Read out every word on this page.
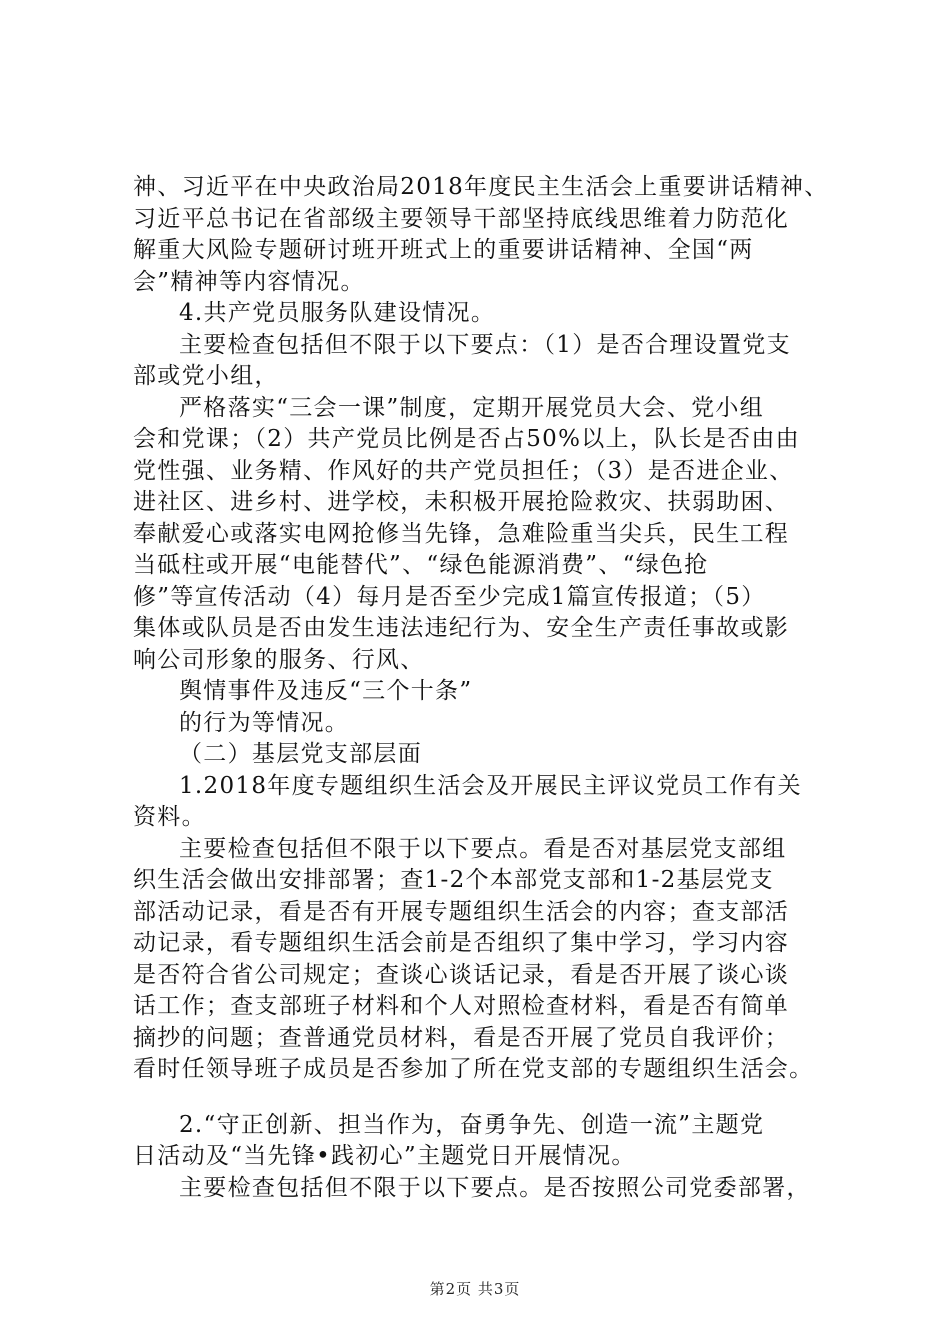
神、习近平在中央政治局2018年度民主生活会上重要讲话精神、
习近平总书记在省部级主要领导干部坚持底线思维着力防范化
解重大风险专题研讨班开班式上的重要讲话精神、全国“两
会”精神等内容情况。
4.共产党员服务队建设情况。
主要检查包括但不限于以下要点：（1）是否合理设置党支
部或党小组，
严格落实“三会一课”制度，定期开展党员大会、党小组
会和党课；（2）共产党员比例是否占50%以上，队长是否由由
党性强、业务精、作风好的共产党员担任；（3）是否进企业、
进社区、进乡村、进学校，未积极开展抢险救灾、扶弱助困、
奉献爱心或落实电网抢修当先锋，急难险重当尖兵，民生工程
当砥柱或开展“电能替代”、“绿色能源消费”、“绿色抢
修”等宣传活动（4）每月是否至少完成1篇宣传报道；（5）
集体或队员是否由发生违法违纪行为、安全生产责任事故或影
响公司形象的服务、行风、
舆情事件及违反“三个十条”
的行为等情况。
（二）基层党支部层面
1.2018年度专题组织生活会及开展民主评议党员工作有关
资料。
主要检查包括但不限于以下要点。看是否对基层党支部组
织生活会做出安排部署；查1-2个本部党支部和1-2基层党支
部活动记录，看是否有开展专题组织生活会的内容；查支部活
动记录，看专题组织生活会前是否组织了集中学习，学习内容
是否符合省公司规定；查谈心谈话记录，看是否开展了谈心谈
话工作；查支部班子材料和个人对照检查材料，看是否有简单
摘抄的问题；查普通党员材料，看是否开展了党员自我评价；
看时任领导班子成员是否参加了所在党支部的专题组织生活会。
2.“守正创新、担当作为，奋勇争先、创造一流”主题党
日活动及“当先锋•践初心”主题党日开展情况。
主要检查包括但不限于以下要点。是否按照公司党委部署，
第2页 共3页
